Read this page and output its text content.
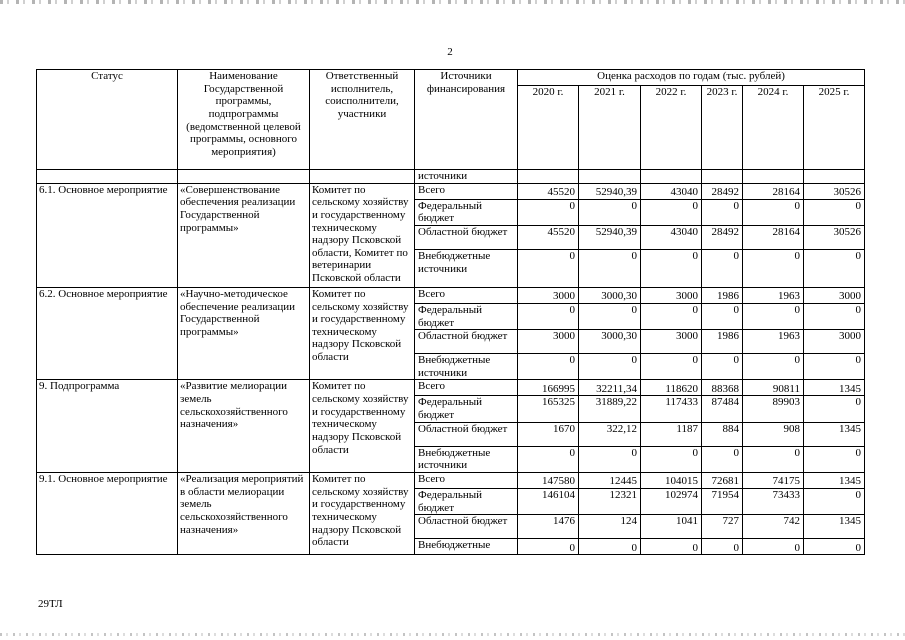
2
Статус	Наименование Государственной программы, подпрограммы (ведомственной целевой программы, основного мероприятия)	Ответственный исполнитель, соисполнители, участники	Источники финансирования	Оценка расходов по годам (тыс. рублей)					
				2020 г.	2021 г.	2022 г.	2023 г.	2024 г.	2025 г.
			источники						
6.1. Основное мероприятие	«Совершенствование обеспечения реализации Государственной программы»	Комитет по сельскому хозяйству и государственному техническому надзору Псковской области, Комитет по ветеринарии Псковской области	Всего	45520	52940,39	43040	28492	28164	30526
			Федеральный бюджет	0	0	0	0	0	0
			Областной бюджет	45520	52940,39	43040	28492	28164	30526
			Внебюджетные источники	0	0	0	0	0	0
6.2. Основное мероприятие	«Научно-методическое обеспечение реализации Государственной программы»	Комитет по сельскому хозяйству и государственному техническому надзору Псковской области	Всего	3000	3000,30	3000	1986	1963	3000
			Федеральный бюджет	0	0	0	0	0	0
			Областной бюджет	3000	3000,30	3000	1986	1963	3000
			Внебюджетные источники	0	0	0	0	0	0
9. Подпрограмма	«Развитие мелиорации земель сельскохозяйственного назначения»	Комитет по сельскому хозяйству и государственному техническому надзору Псковской области	Всего	166995	32211,34	118620	88368	90811	1345
			Федеральный бюджет	165325	31889,22	117433	87484	89903	0
			Областной бюджет	1670	322,12	1187	884	908	1345
			Внебюджетные источники	0	0	0	0	0	0
9.1. Основное мероприятие	«Реализация мероприятий в области мелиорации земель сельскохозяйственного назначения»	Комитет по сельскому хозяйству и государственному техническому надзору Псковской области	Всего	147580	12445	104015	72681	74175	1345
			Федеральный бюджет	146104	12321	102974	71954	73433	0
			Областной бюджет	1476	124	1041	727	742	1345
			Внебюджетные	0	0	0	0	0	0
29ТЛ
